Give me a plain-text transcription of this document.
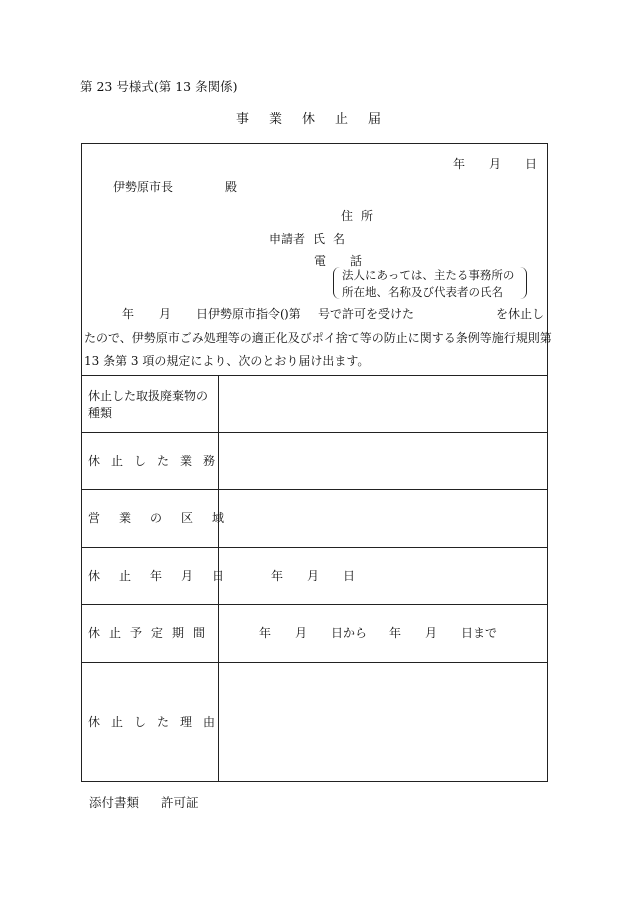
第 23 号様式(第 13 条関係)
事業休止届
年 月 日
伊勢原市長	殿
住所
申請者 氏名
電 話
法人にあっては、主たる事務所の
所在地、名称及び代表者の氏名
年 月 日伊勢原市指令( )第 号で許可を受けた	を休止し
たので、伊勢原市ごみ処理等の適正化及びポイ捨て等の防止に関する条例等施行規則第
13 条第 3 項の規定により、次のとおり届け出ます。
休止した取扱廃棄物の
種類
休止した業務
営業の区域
休止年月日 年 月 日
休止予定期間	年 月 日から 年 月 日まで
休止した理由
添付書類 許可証
